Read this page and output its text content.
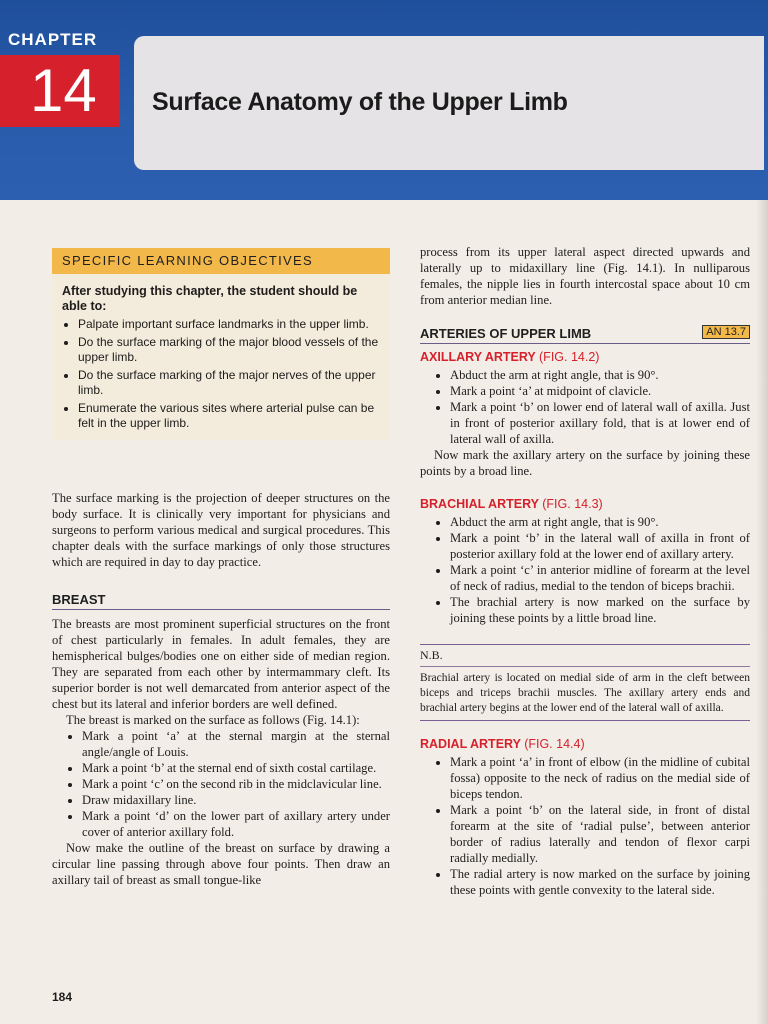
CHAPTER
14 Surface Anatomy of the Upper Limb
SPECIFIC LEARNING OBJECTIVES
After studying this chapter, the student should be able to:
• Palpate important surface landmarks in the upper limb.
• Do the surface marking of the major blood vessels of the upper limb.
• Do the surface marking of the major nerves of the upper limb.
• Enumerate the various sites where arterial pulse can be felt in the upper limb.

The surface marking is the projection of deeper structures on the body surface. It is clinically very important for physicians and surgeons to perform various medical and surgical procedures. This chapter deals with the surface markings of only those structures which are required in day to day practice.

BREAST

The breasts are most prominent superficial structures on the front of chest particularly in females. In adult females, they are hemispherical bulges/bodies one on either side of median region. They are separated from each other by intermammary cleft. Its superior border is not well demarcated from anterior aspect of the chest but its lateral and inferior borders are well defined.

The breast is marked on the surface as follows (Fig. 14.1):

• Mark a point ‘a’ at the sternal margin at the sternal angle/angle of Louis.
• Mark a point ‘b’ at the sternal end of sixth costal cartilage.
• Mark a point ‘c’ on the second rib in the midclavicular line.
• Draw midaxillary line.
• Mark a point ‘d’ on the lower part of axillary artery under cover of anterior axillary fold.

Now make the outline of the breast on surface by drawing a circular line passing through above four points. Then draw an axillary tail of breast as small tongue-like

process from its upper lateral aspect directed upwards and laterally up to midaxillary line (Fig. 14.1). In nulliparous females, the nipple lies in fourth intercostal space about 10 cm from anterior median line.

ARTERIES OF UPPER LIMB	AN 13.7
AXILLARY ARTERY (FIG. 14.2)
• Abduct the arm at right angle, that is 90°.
• Mark a point ‘a’ at midpoint of clavicle.
• Mark a point ‘b’ on lower end of lateral wall of axilla. Just in front of posterior axillary fold, that is at lower end of lateral wall of axilla.

Now mark the axillary artery on the surface by joining these points by a broad line.

BRACHIAL ARTERY (FIG. 14.3)
• Abduct the arm at right angle, that is 90°.
• Mark a point ‘b’ in the lateral wall of axilla in front of posterior axillary fold at the lower end of axillary artery.
• Mark a point ‘c’ in anterior midline of forearm at the level of neck of radius, medial to the tendon of biceps brachii.
• The brachial artery is now marked on the surface by joining these points by a little broad line.
N.B.
Brachial artery is located on medial side of arm in the cleft between biceps and triceps brachii muscles. The axillary artery ends and brachial artery begins at the lower end of the lateral wall of axilla.
RADIAL ARTERY (FIG. 14.4)
• Mark a point ‘a’ in front of elbow (in the midline of cubital fossa) opposite to the neck of radius on the medial side of biceps tendon.
• Mark a point ‘b’ on the lateral side, in front of distal forearm at the site of ‘radial pulse’, between anterior border of radius laterally and tendon of flexor carpi radially medially.
• The radial artery is now marked on the surface by joining these points with gentle convexity to the lateral side.
184
